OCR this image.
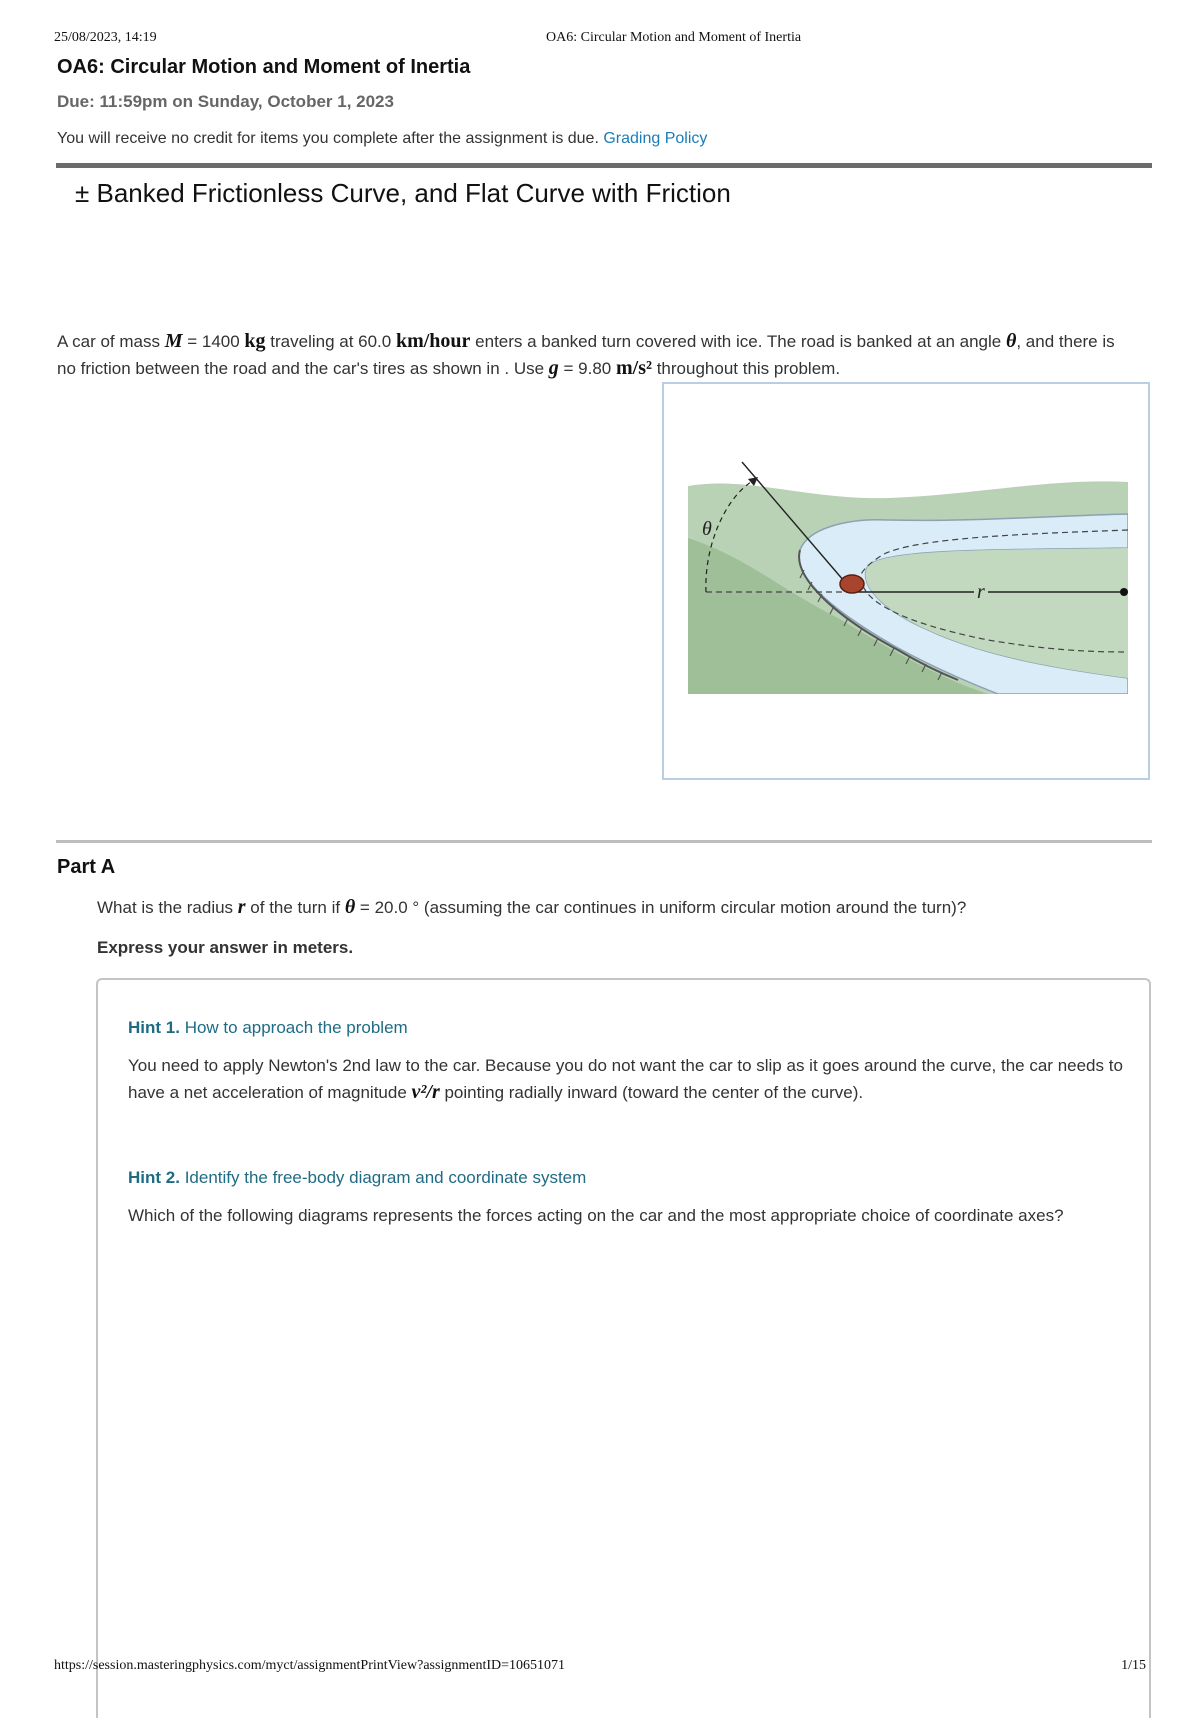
25/08/2023, 14:19	OA6: Circular Motion and Moment of Inertia
OA6: Circular Motion and Moment of Inertia
Due: 11:59pm on Sunday, October 1, 2023
You will receive no credit for items you complete after the assignment is due. Grading Policy
± Banked Frictionless Curve, and Flat Curve with Friction
A car of mass M = 1400 kg traveling at 60.0 km/hour enters a banked turn covered with ice. The road is banked at an angle θ, and there is no friction between the road and the car's tires as shown in . Use g = 9.80 m/s² throughout this problem.
θ
r
Part A
What is the radius r of the turn if θ = 20.0 ° (assuming the car continues in uniform circular motion around the turn)?
Express your answer in meters.
Hint 1. How to approach the problem
You need to apply Newton's 2nd law to the car. Because you do not want the car to slip as it goes around the curve, the car needs to have a net acceleration of magnitude v²/r pointing radially inward (toward the center of the curve).
Hint 2. Identify the free-body diagram and coordinate system
Which of the following diagrams represents the forces acting on the car and the most appropriate choice of coordinate axes?
https://session.masteringphysics.com/myct/assignmentPrintView?assignmentID=10651071	1/15
